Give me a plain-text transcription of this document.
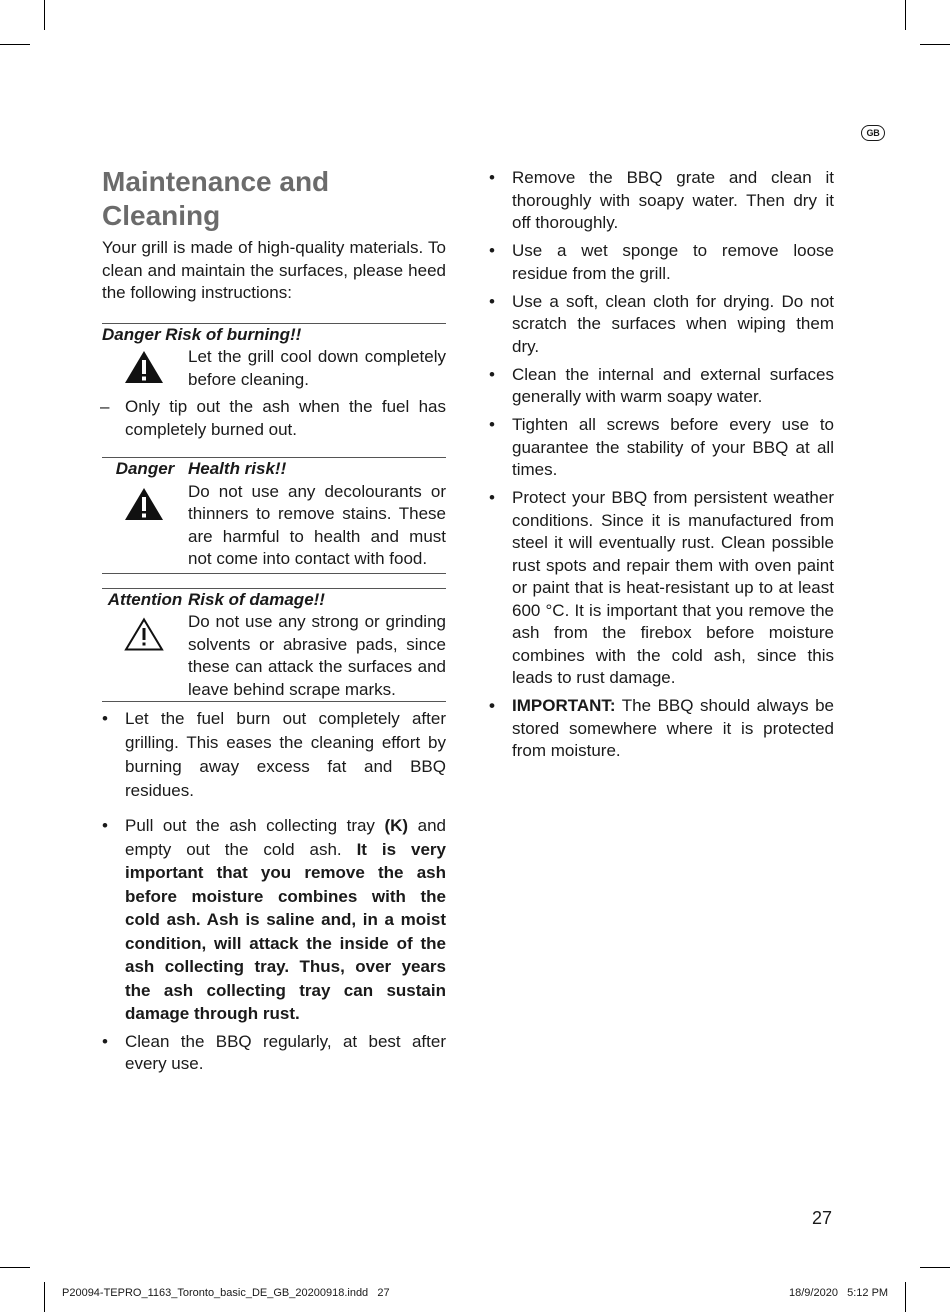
GB
Maintenance and Cleaning

Your grill is made of high-quality materials. To clean and maintain the surfaces, please heed the following instructions:

Danger Risk of burning!!
Let the grill cool down completely before cleaning.
– Only tip out the ash when the fuel has completely burned out.
Danger Health risk!!
Do not use any decolourants or thinners to remove stains. These are harmful to health and must not come into contact with food.
Attention Risk of damage!!
Do not use any strong or grinding solvents or abrasive pads, since these can attack the surfaces and leave behind scrape marks.
• Let the fuel burn out completely after grilling. This eases the cleaning effort by burning away excess fat and BBQ residues.
• Pull out the ash collecting tray (K) and empty out the cold ash. It is very important that you remove the ash before moisture combines with the cold ash. Ash is saline and, in a moist condition, will attack the inside of the ash collecting tray. Thus, over years the ash collecting tray can sustain damage through rust.
• Clean the BBQ regularly, at best after every use.
• Remove the BBQ grate and clean it thoroughly with soapy water. Then dry it off thoroughly.
• Use a wet sponge to remove loose residue from the grill.
• Use a soft, clean cloth for drying. Do not scratch the surfaces when wiping them dry.
• Clean the internal and external surfaces generally with warm soapy water.
• Tighten all screws before every use to guarantee the stability of your BBQ at all times.
• Protect your BBQ from persistent weather conditions. Since it is manufactured from steel it will eventually rust. Clean possible rust spots and repair them with oven paint or paint that is heat-resistant up to at least 600 °C. It is important that you remove the ash from the firebox before moisture combines with the cold ash, since this leads to rust damage.
• IMPORTANT: The BBQ should always be stored somewhere where it is protected from moisture.
27
P20094-TEPRO_1163_Toronto_basic_DE_GB_20200918.indd   27	18/9/2020   5:12 PM
